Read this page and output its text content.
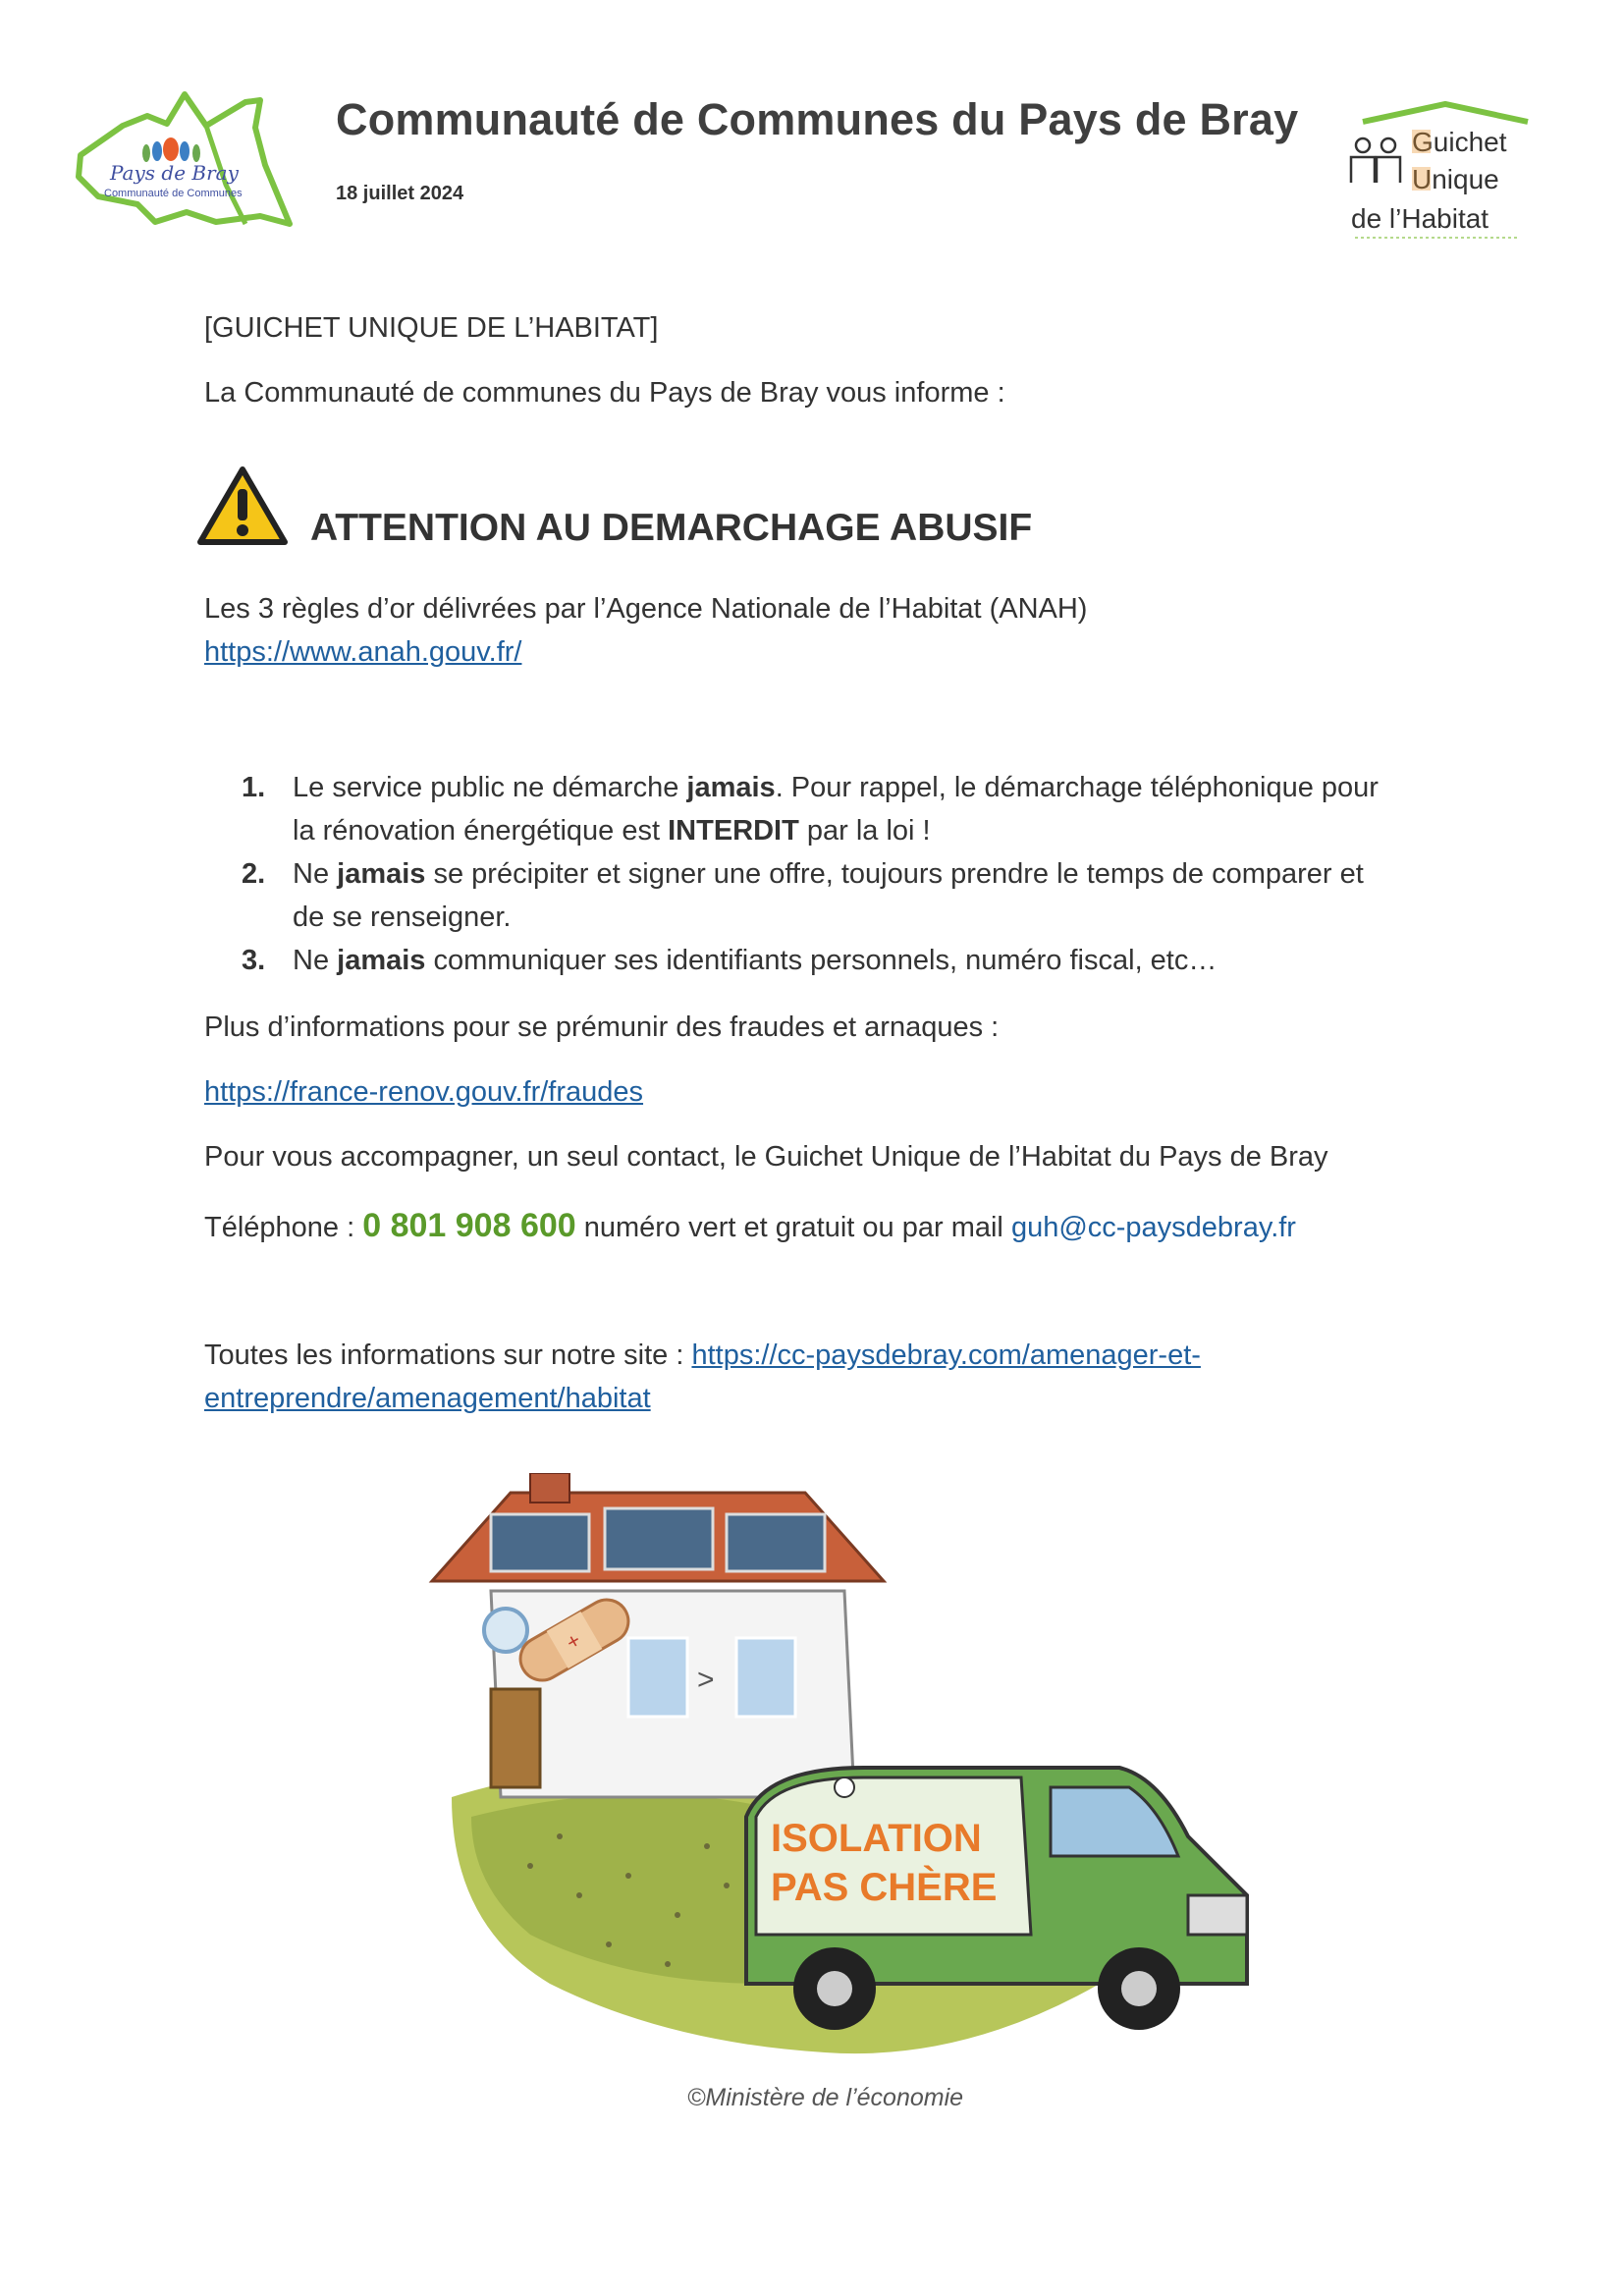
Pays de Bray
Communauté de Communes
Communauté de Communes du Pays de Bray
18 juillet 2024
Guichet
Unique
de l’Habitat
[GUICHET UNIQUE DE L’HABITAT]
La Communauté de communes du Pays de Bray vous informe :
ATTENTION AU DEMARCHAGE ABUSIF
Les 3 règles d’or délivrées par l’Agence Nationale de l’Habitat (ANAH)
https://www.anah.gouv.fr/
1. Le service public ne démarche jamais. Pour rappel, le démarchage téléphonique pour
la rénovation énergétique est INTERDIT par la loi !
2. Ne jamais se précipiter et signer une offre, toujours prendre le temps de comparer et
de se renseigner.
3. Ne jamais communiquer ses identifiants personnels, numéro fiscal, etc…
Plus d’informations pour se prémunir des fraudes et arnaques :
https://france-renov.gouv.fr/fraudes
Pour vous accompagner, un seul contact, le Guichet Unique de l’Habitat du Pays de Bray
Téléphone : 0 801 908 600 numéro vert et gratuit ou par mail guh@cc-paysdebray.fr
Toutes les informations sur notre site : https://cc-paysdebray.com/amenager-et-
entreprendre/amenagement/habitat
>
+
ISOLATION
PAS CHÈRE
©Ministère de l’économie
